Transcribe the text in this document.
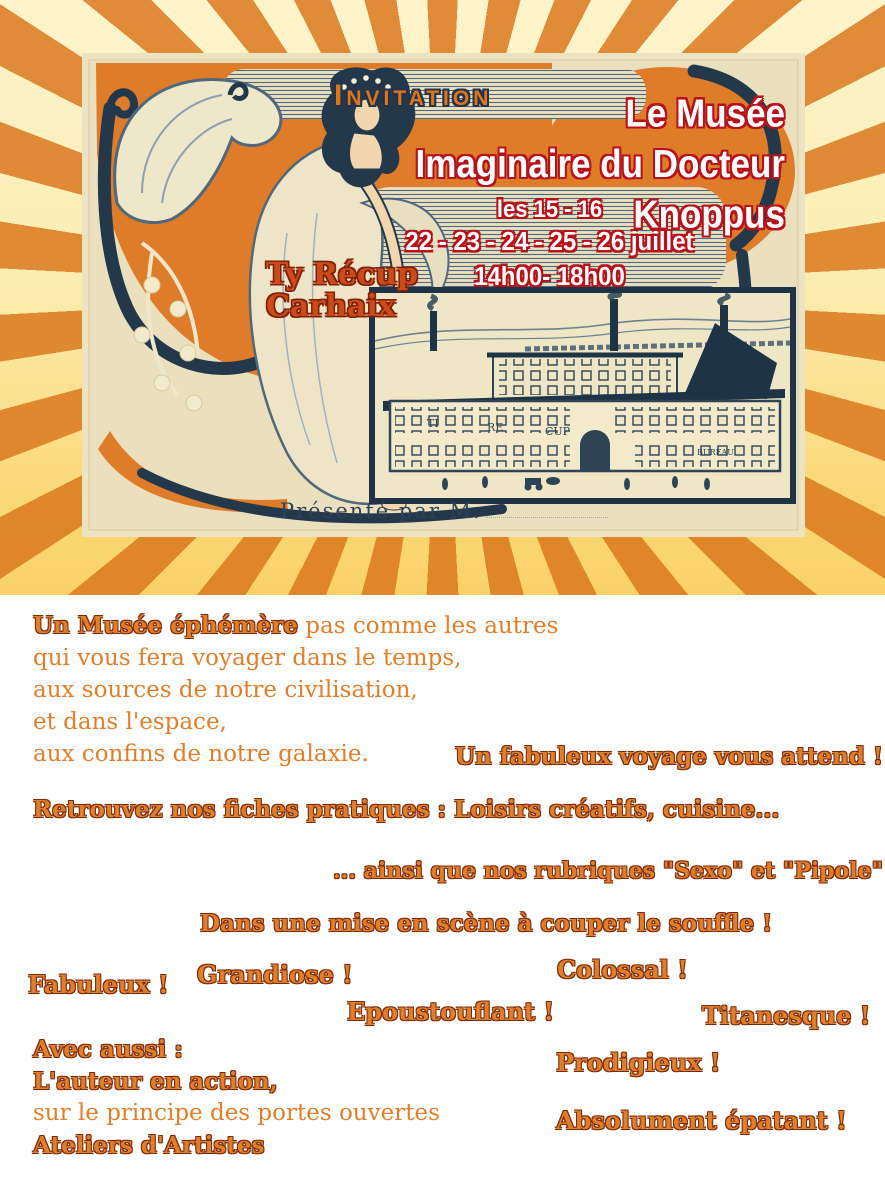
TI	RE	CUP
BUREAU
Invitation	Le Musée
Imaginaire du Docteur
Knoppus
les 15 - 16
22 - 23 - 24 - 25 - 26 juillet
14h00- 18h00
Ty Récup
Carhaix
Présenté par M.
Un Musée éphémère pas comme les autres
qui vous fera voyager dans le temps,
aux sources de notre civilisation,
et dans l'espace,
aux confins de notre galaxie.	Un fabuleux voyage vous attend !
Retrouvez nos fiches pratiques : Loisirs créatifs, cuisine...
... ainsi que nos rubriques "Sexo" et "Pipole"
Dans une mise en scène à couper le souffle !
Fabuleux ! Grandiose !	Colossal !
Epoustouflant !	Titanesque !
Avec aussi :
L'auteur en action,
sur le principe des portes ouvertes
Ateliers d'Artistes
Prodigieux !
Absolument épatant !
